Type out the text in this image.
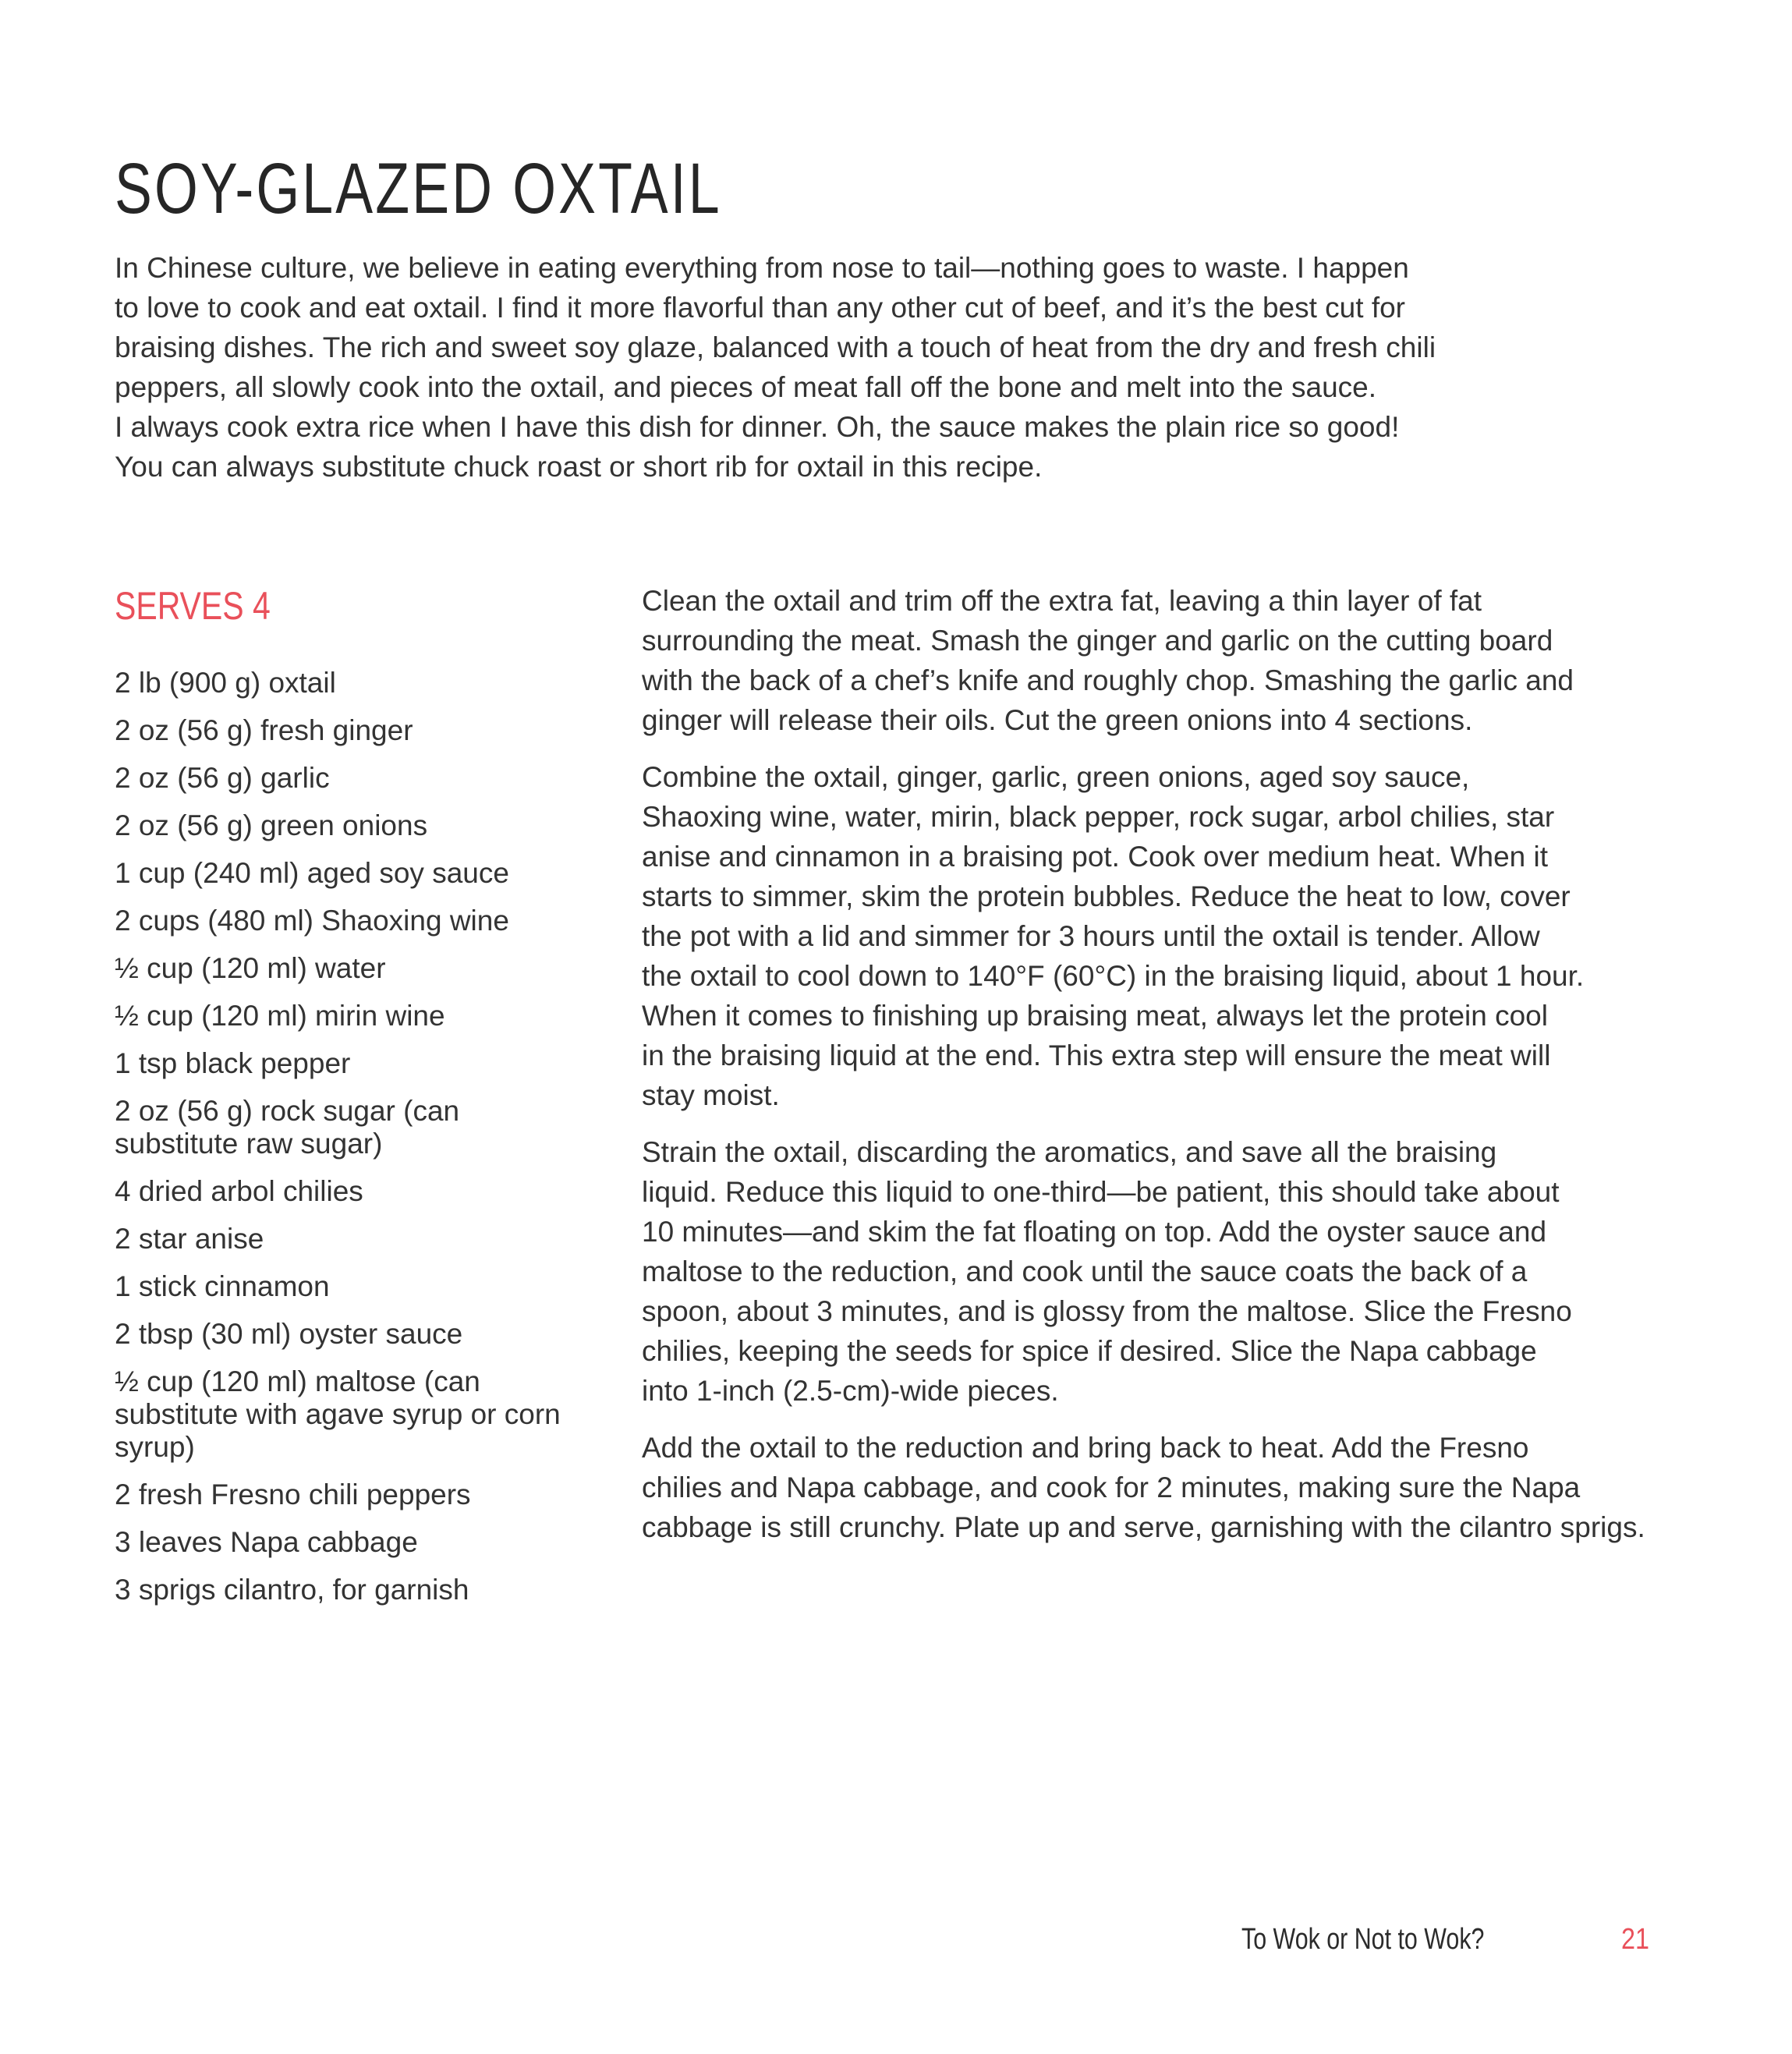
SOY-GLAZED OXTAIL
In Chinese culture, we believe in eating everything from nose to tail—nothing goes to waste. I happen
to love to cook and eat oxtail. I find it more flavorful than any other cut of beef, and it’s the best cut for
braising dishes. The rich and sweet soy glaze, balanced with a touch of heat from the dry and fresh chili
peppers, all slowly cook into the oxtail, and pieces of meat fall off the bone and melt into the sauce.
I always cook extra rice when I have this dish for dinner. Oh, the sauce makes the plain rice so good!
You can always substitute chuck roast or short rib for oxtail in this recipe.
SERVES 4
2 lb (900 g) oxtail
2 oz (56 g) fresh ginger
2 oz (56 g) garlic
2 oz (56 g) green onions
1 cup (240 ml) aged soy sauce
2 cups (480 ml) Shaoxing wine
½ cup (120 ml) water
½ cup (120 ml) mirin wine
1 tsp black pepper
2 oz (56 g) rock sugar (can
substitute raw sugar)
4 dried arbol chilies
2 star anise
1 stick cinnamon
2 tbsp (30 ml) oyster sauce
½ cup (120 ml) maltose (can
substitute with agave syrup or corn
syrup)
2 fresh Fresno chili peppers
3 leaves Napa cabbage
3 sprigs cilantro, for garnish
Clean the oxtail and trim off the extra fat, leaving a thin layer of fat
surrounding the meat. Smash the ginger and garlic on the cutting board
with the back of a chef’s knife and roughly chop. Smashing the garlic and
ginger will release their oils. Cut the green onions into 4 sections.
Combine the oxtail, ginger, garlic, green onions, aged soy sauce,
Shaoxing wine, water, mirin, black pepper, rock sugar, arbol chilies, star
anise and cinnamon in a braising pot. Cook over medium heat. When it
starts to simmer, skim the protein bubbles. Reduce the heat to low, cover
the pot with a lid and simmer for 3 hours until the oxtail is tender. Allow
the oxtail to cool down to 140°F (60°C) in the braising liquid, about 1 hour.
When it comes to finishing up braising meat, always let the protein cool
in the braising liquid at the end. This extra step will ensure the meat will
stay moist.
Strain the oxtail, discarding the aromatics, and save all the braising
liquid. Reduce this liquid to one-third—be patient, this should take about
10 minutes—and skim the fat floating on top. Add the oyster sauce and
maltose to the reduction, and cook until the sauce coats the back of a
spoon, about 3 minutes, and is glossy from the maltose. Slice the Fresno
chilies, keeping the seeds for spice if desired. Slice the Napa cabbage
into 1-inch (2.5-cm)-wide pieces.
Add the oxtail to the reduction and bring back to heat. Add the Fresno
chilies and Napa cabbage, and cook for 2 minutes, making sure the Napa
cabbage is still crunchy. Plate up and serve, garnishing with the cilantro sprigs.
To Wok or Not to Wok?	21
